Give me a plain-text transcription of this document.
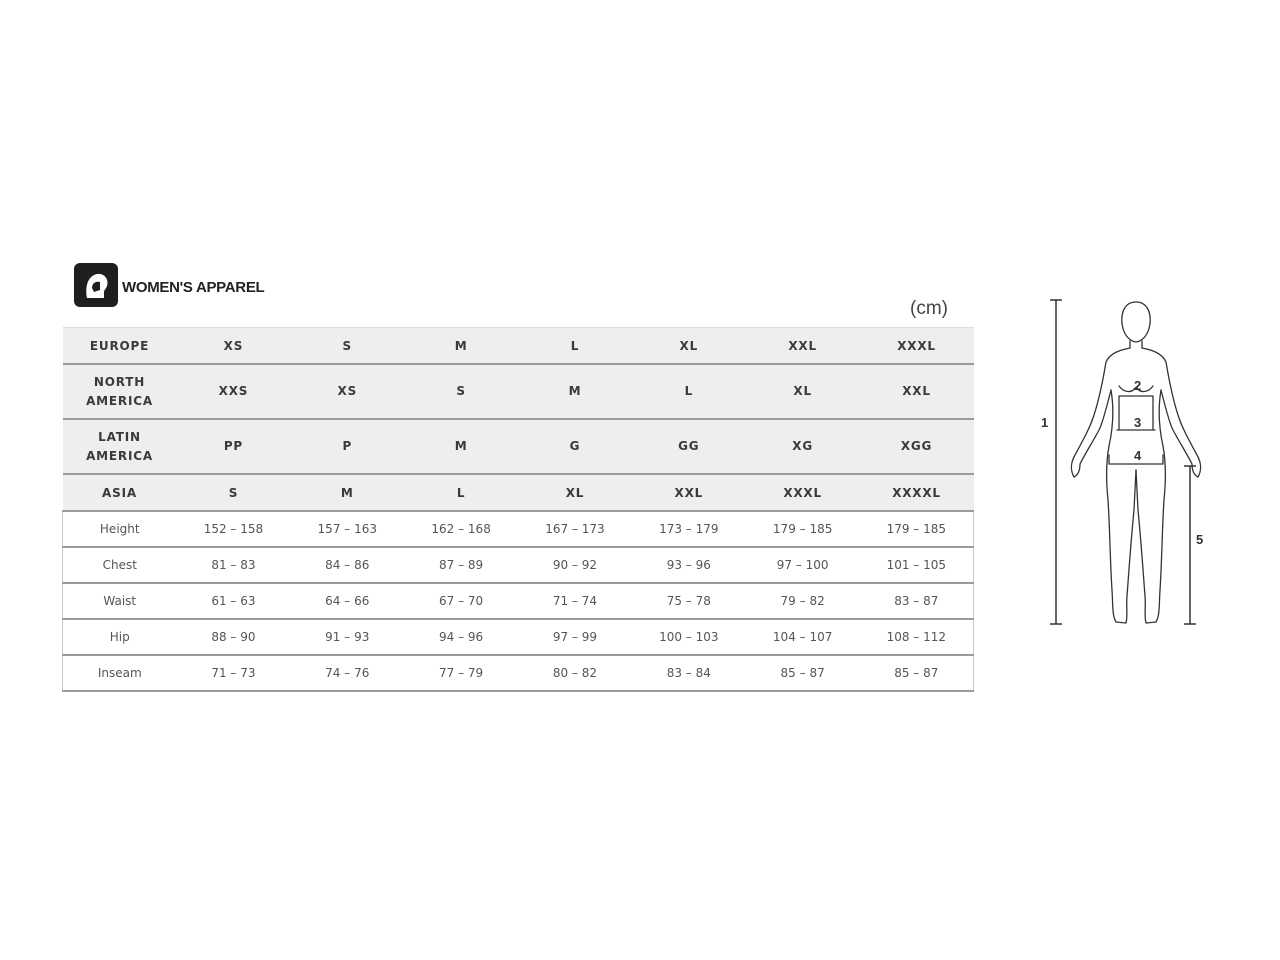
WOMEN'S APPAREL
(cm)
EUROPE	XS	S	M	L	XL	XXL	XXXL
NORTH
AMERICA	XXS	XS	S	M	L	XL	XXL
LATIN
AMERICA	PP	P	M	G	GG	XG	XGG
ASIA	S	M	L	XL	XXL	XXXL	XXXXL
Height	152 – 158	157 – 163	162 – 168	167 – 173	173 – 179	179 – 185	179 – 185
Chest	81 – 83	84 – 86	87 – 89	90 – 92	93 – 96	97 – 100	101 – 105
Waist	61 – 63	64 – 66	67 – 70	71 – 74	75 – 78	79 – 82	83 – 87
Hip	88 – 90	91 – 93	94 – 96	97 – 99	100 – 103	104 – 107	108 – 112
Inseam	71 – 73	74 – 76	77 – 79	80 – 82	83 – 84	85 – 87	85 – 87
1
2
3
4
5
